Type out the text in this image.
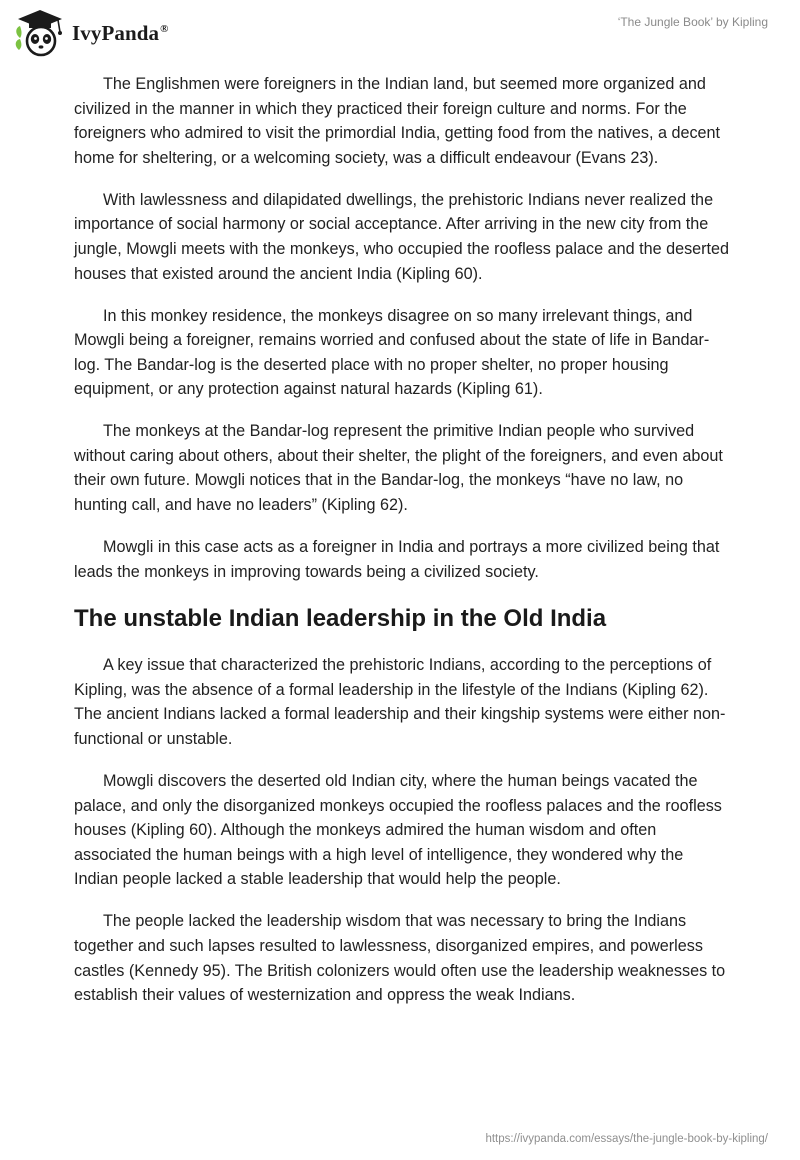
IvyPanda®	‘The Jungle Book’ by Kipling

The Englishmen were foreigners in the Indian land, but seemed more organized and civilized in the manner in which they practiced their foreign culture and norms. For the foreigners who admired to visit the primordial India, getting food from the natives, a decent home for sheltering, or a welcoming society, was a difficult endeavour (Evans 23).

With lawlessness and dilapidated dwellings, the prehistoric Indians never realized the importance of social harmony or social acceptance. After arriving in the new city from the jungle, Mowgli meets with the monkeys, who occupied the roofless palace and the deserted houses that existed around the ancient India (Kipling 60).

In this monkey residence, the monkeys disagree on so many irrelevant things, and Mowgli being a foreigner, remains worried and confused about the state of life in Bandar-log. The Bandar-log is the deserted place with no proper shelter, no proper housing equipment, or any protection against natural hazards (Kipling 61).

The monkeys at the Bandar-log represent the primitive Indian people who survived without caring about others, about their shelter, the plight of the foreigners, and even about their own future. Mowgli notices that in the Bandar-log, the monkeys “have no law, no hunting call, and have no leaders” (Kipling 62).

Mowgli in this case acts as a foreigner in India and portrays a more civilized being that leads the monkeys in improving towards being a civilized society.

The unstable Indian leadership in the Old India

A key issue that characterized the prehistoric Indians, according to the perceptions of Kipling, was the absence of a formal leadership in the lifestyle of the Indians (Kipling 62). The ancient Indians lacked a formal leadership and their kingship systems were either non-functional or unstable.

Mowgli discovers the deserted old Indian city, where the human beings vacated the palace, and only the disorganized monkeys occupied the roofless palaces and the roofless houses (Kipling 60). Although the monkeys admired the human wisdom and often associated the human beings with a high level of intelligence, they wondered why the Indian people lacked a stable leadership that would help the people.

The people lacked the leadership wisdom that was necessary to bring the Indians together and such lapses resulted to lawlessness, disorganized empires, and powerless castles (Kennedy 95). The British colonizers would often use the leadership weaknesses to establish their values of westernization and oppress the weak Indians.

https://ivypanda.com/essays/the-jungle-book-by-kipling/
